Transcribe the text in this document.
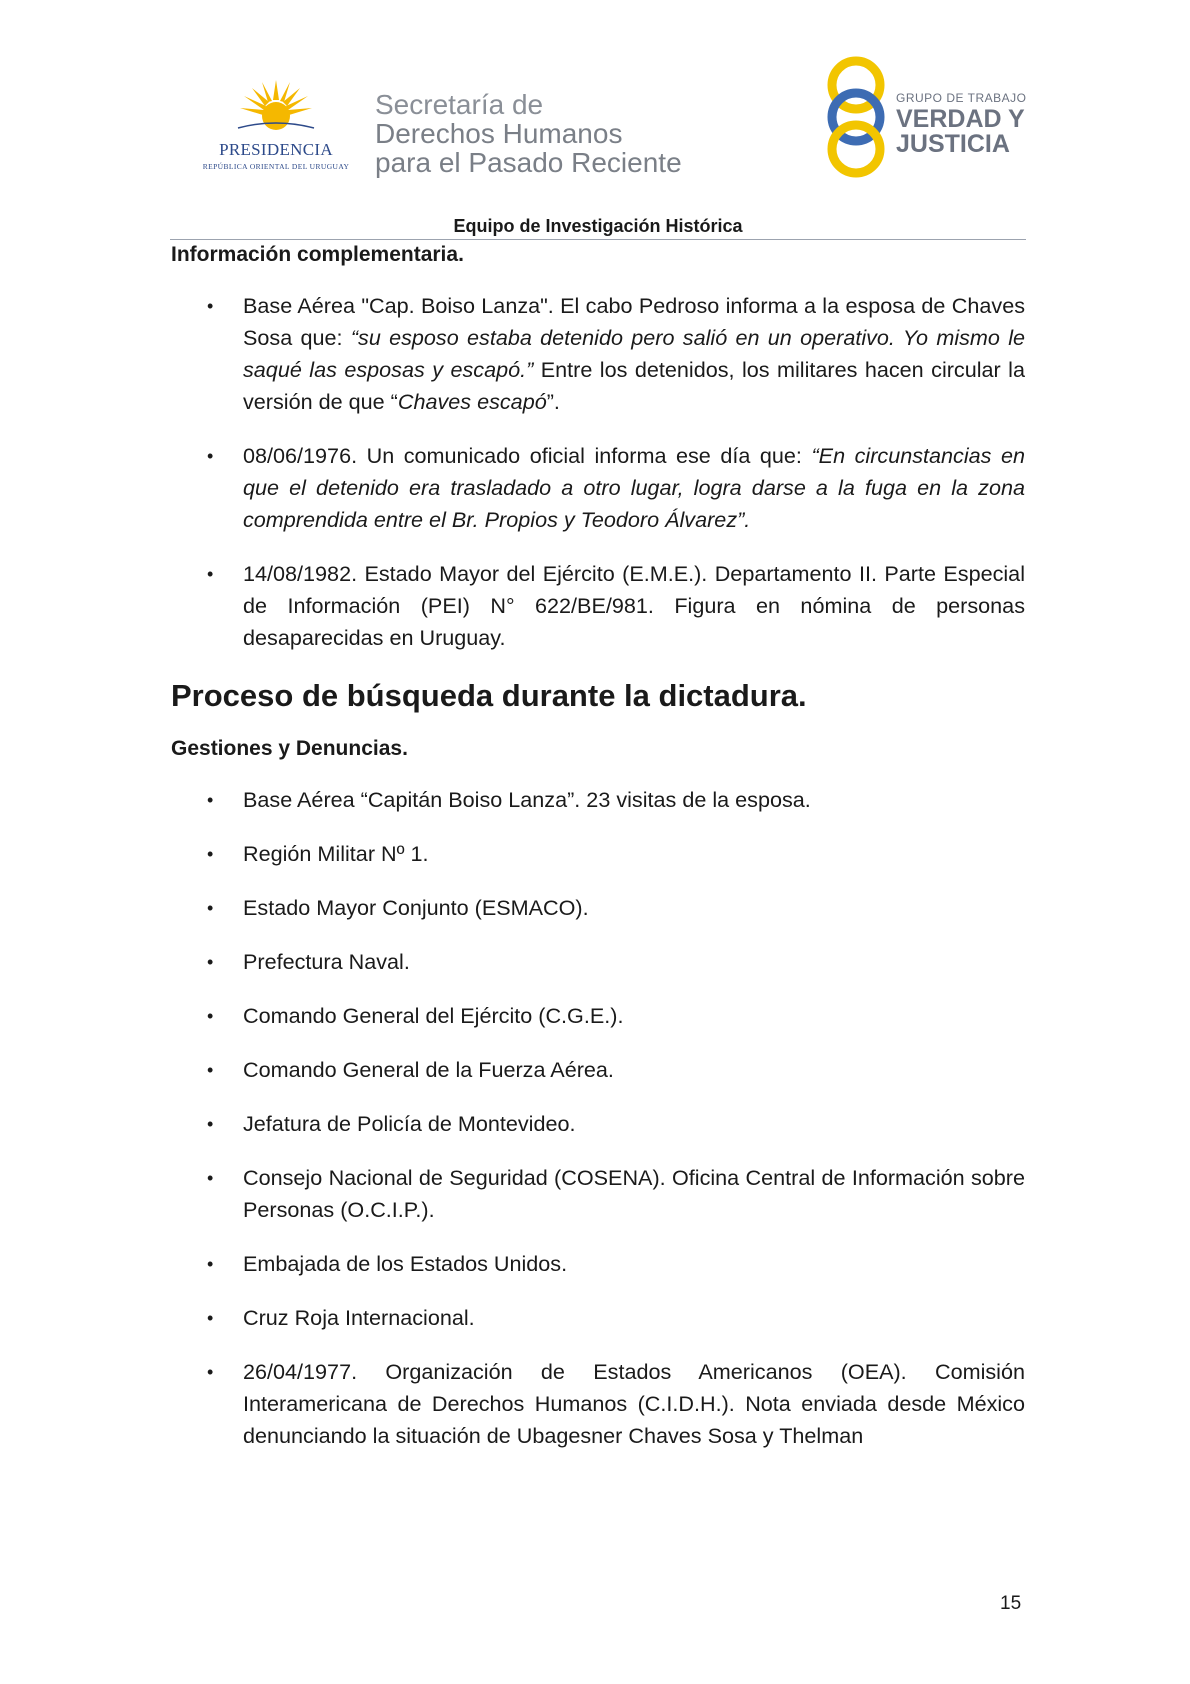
PRESIDENCIA
REPÚBLICA ORIENTAL DEL URUGUAY
Secretaría de
Derechos Humanos
para el Pasado Reciente
GRUPO DE TRABAJO
VERDAD Y
JUSTICIA
Equipo de Investigación Histórica
Información complementaria.
• Base Aérea "Cap. Boiso Lanza". El cabo Pedroso informa a la esposa de Chaves Sosa que: “su esposo estaba detenido pero salió en un operativo. Yo mismo le saqué las esposas y escapó.” Entre los detenidos, los militares hacen circular la versión de que “Chaves escapó”.
• 08/06/1976. Un comunicado oficial informa ese día que: “En circunstancias en que el detenido era trasladado a otro lugar, logra darse a la fuga en la zona comprendida entre el Br. Propios y Teodoro Álvarez”.
• 14/08/1982. Estado Mayor del Ejército (E.M.E.). Departamento II. Parte Especial de Información (PEI) N° 622/BE/981. Figura en nómina de personas desaparecidas en Uruguay.
Proceso de búsqueda durante la dictadura.
Gestiones y Denuncias.
• Base Aérea “Capitán Boiso Lanza”. 23 visitas de la esposa.
• Región Militar Nº 1.
• Estado Mayor Conjunto (ESMACO).
• Prefectura Naval.
• Comando General del Ejército (C.G.E.).
• Comando General de la Fuerza Aérea.
• Jefatura de Policía de Montevideo.
• Consejo Nacional de Seguridad (COSENA). Oficina Central de Información sobre Personas (O.C.I.P.).
• Embajada de los Estados Unidos.
• Cruz Roja Internacional.
• 26/04/1977. Organización de Estados Americanos (OEA). Comisión Interamericana de Derechos Humanos (C.I.D.H.). Nota enviada desde México denunciando la situación de Ubagesner Chaves Sosa y Thelman
15
